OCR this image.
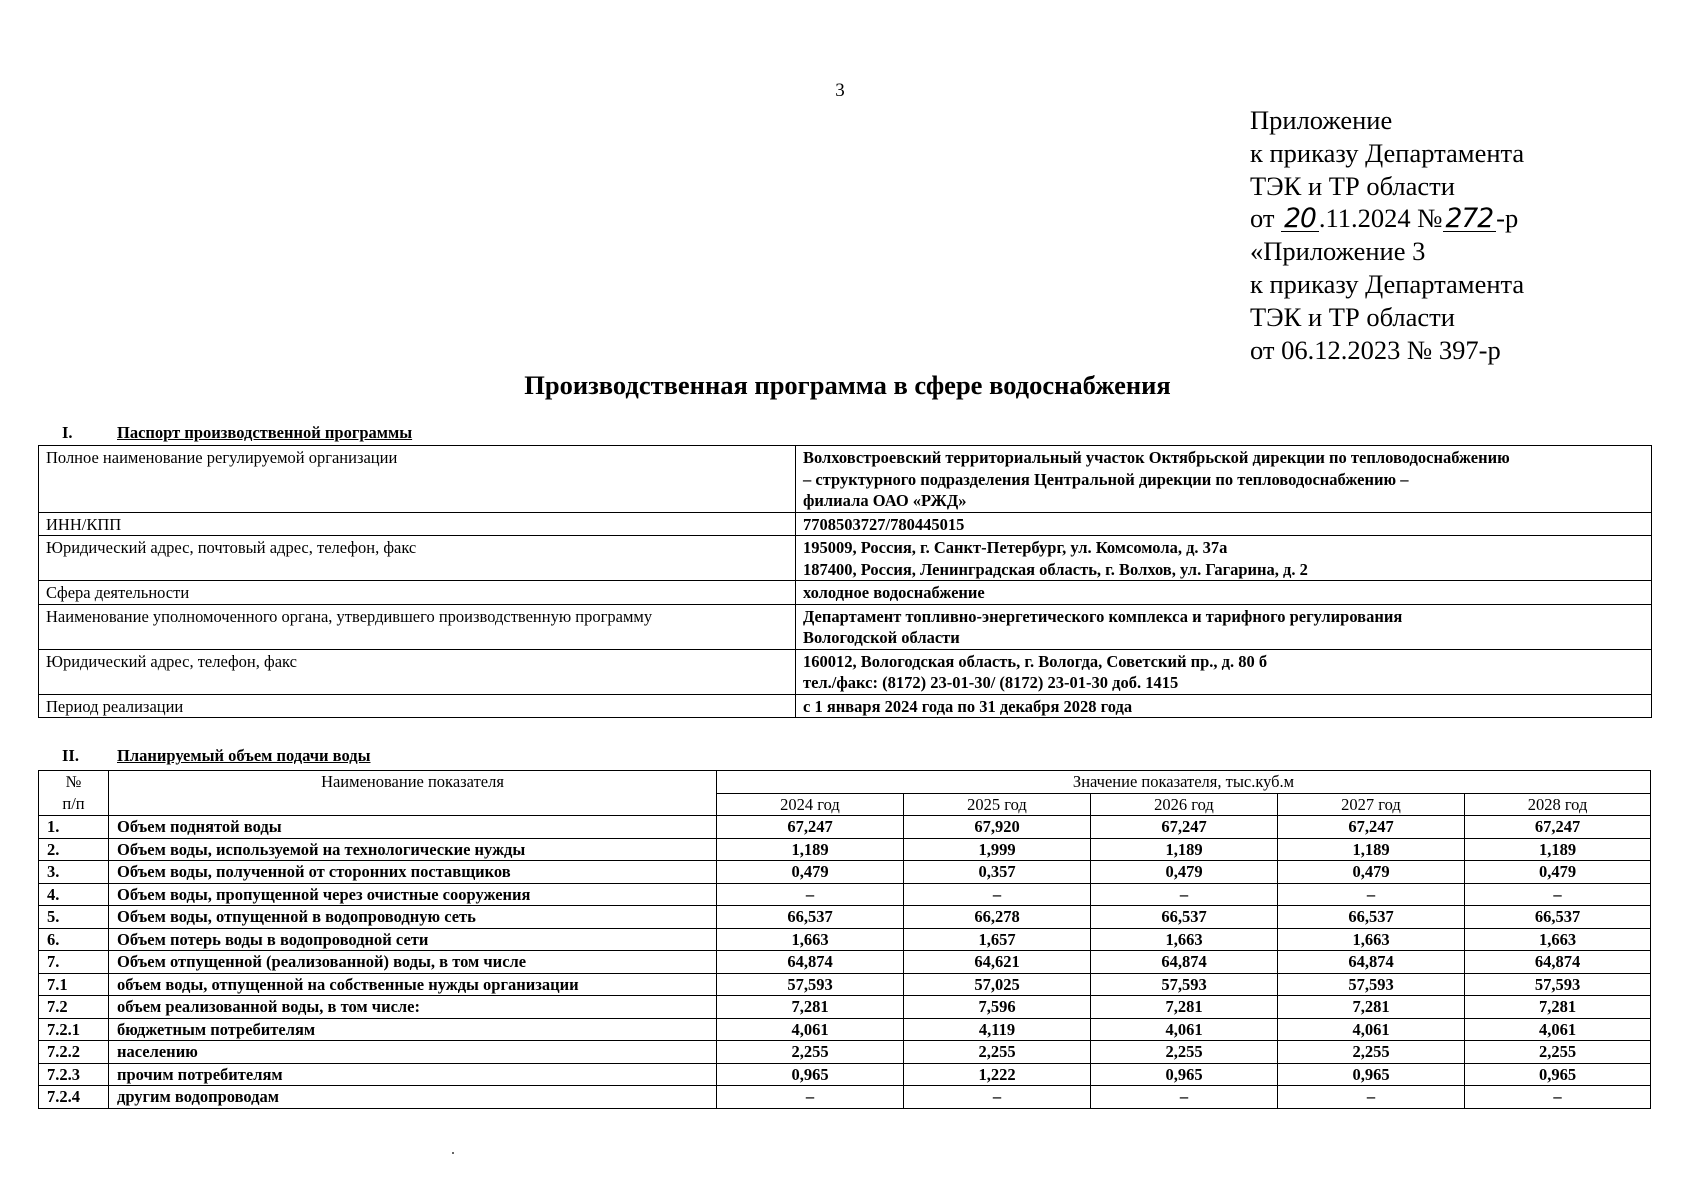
3
Приложение
к приказу Департамента
ТЭК и ТР области
от 20 .11.2024 № 272 -р
«Приложение 3
к приказу Департамента
ТЭК и ТР области
от 06.12.2023 № 397-р
Производственная программа в сфере водоснабжения
I.	Паспорт производственной программы
Полное наименование регулируемой организации	Волховстроевский территориальный участок Октябрьской дирекции по тепловодоснабжению
– структурного подразделения Центральной дирекции по тепловодоснабжению –
филиала ОАО «РЖД»

ИНН/КПП	7708503727/780445015

Юридический адрес, почтовый адрес, телефон, факс	195009, Россия, г. Санкт-Петербург, ул. Комсомола, д. 37а
187400, Россия, Ленинградская область, г. Волхов, ул. Гагарина, д. 2

Сфера деятельности	холодное водоснабжение

Наименование уполномоченного органа, утвердившего производственную программу	Департамент топливно-энергетического комплекса и тарифного регулирования
Вологодской области

Юридический адрес, телефон, факс	160012, Вологодская область, г. Вологда, Советский пр., д. 80 б
тел./факс: (8172) 23-01-30/ (8172) 23-01-30 доб. 1415

Период реализации	с 1 января 2024 года по 31 декабря 2028 года
II. Планируемый объем подачи воды
№
п/п	Наименование показателя	Значение показателя, тыс.куб.м				
		2024 год	2025 год	2026 год	2027 год	2028 год
1.	Объем поднятой воды	67,247	67,920	67,247	67,247	67,247
2.	Объем воды, используемой на технологические нужды	1,189	1,999	1,189	1,189	1,189
3.	Объем воды, полученной от сторонних поставщиков	0,479	0,357	0,479	0,479	0,479
4.	Объем воды, пропущенной через очистные сооружения	–	–	–	–	–
5.	Объем воды, отпущенной в водопроводную сеть	66,537	66,278	66,537	66,537	66,537
6.	Объем потерь воды в водопроводной сети	1,663	1,657	1,663	1,663	1,663
7.	Объем отпущенной (реализованной) воды, в том числе	64,874	64,621	64,874	64,874	64,874
7.1	объем воды, отпущенной на собственные нужды организации	57,593	57,025	57,593	57,593	57,593
7.2	объем реализованной воды, в том числе:	7,281	7,596	7,281	7,281	7,281
7.2.1	бюджетным потребителям	4,061	4,119	4,061	4,061	4,061
7.2.2	населению	2,255	2,255	2,255	2,255	2,255
7.2.3	прочим потребителям	0,965	1,222	0,965	0,965	0,965
7.2.4	другим водопроводам	–	–	–	–	–
